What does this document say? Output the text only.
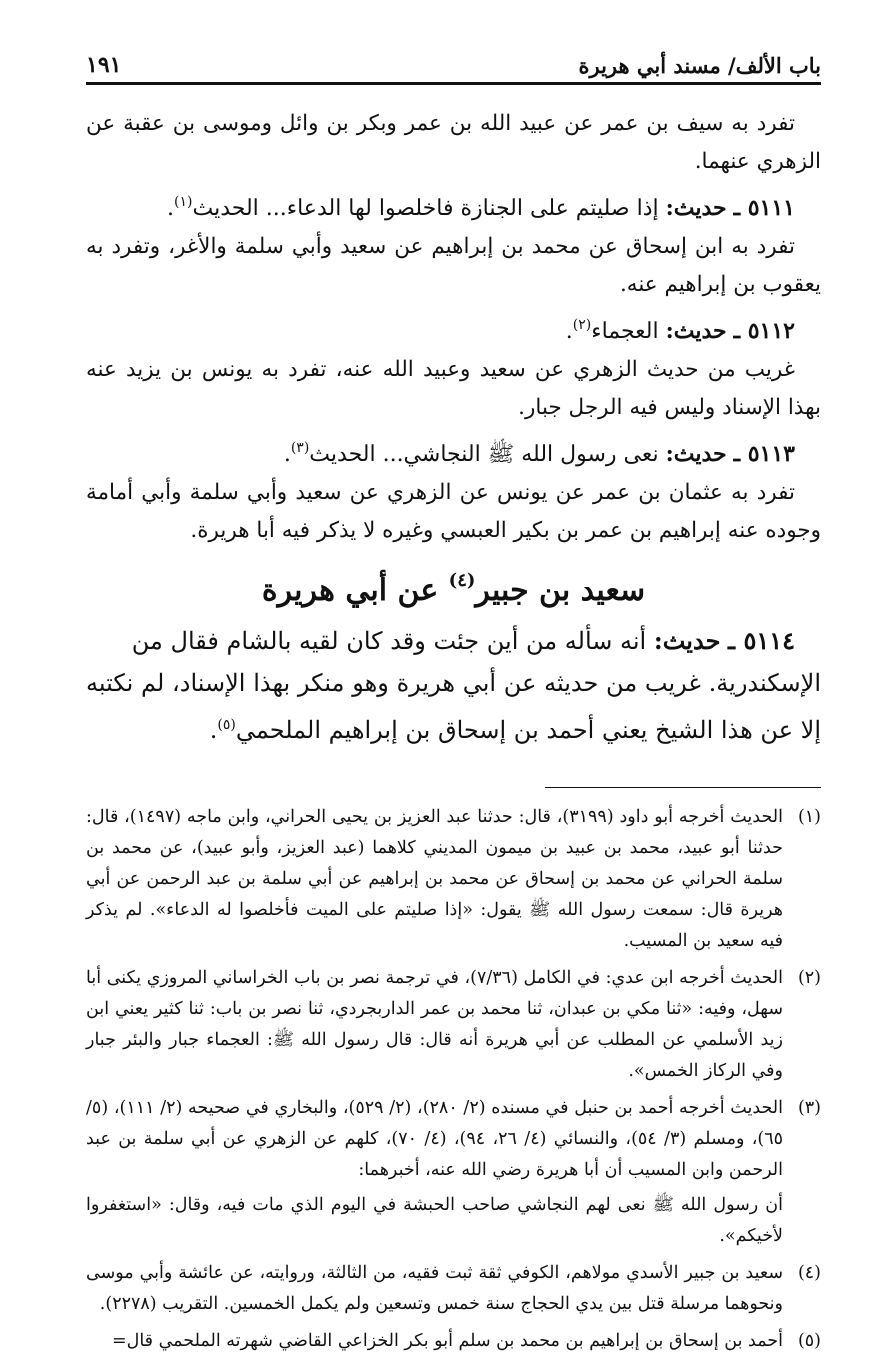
باب الألف/ مسند أبي هريرة
١٩١

تفرد به سيف بن عمر عن عبيد الله بن عمر وبكر بن وائل وموسى بن عقبة عن الزهري عنهما.

٥١١١ ـ حديث: إذا صليتم على الجنازة فاخلصوا لها الدعاء... الحديث$^{(١)}$.

تفرد به ابن إسحاق عن محمد بن إبراهيم عن سعيد وأبي سلمة والأغر، وتفرد به يعقوب بن إبراهيم عنه.

٥١١٢ ـ حديث: العجماء$^{(٢)}$.

غريب من حديث الزهري عن سعيد وعبيد الله عنه، تفرد به يونس بن يزيد عنه بهذا الإسناد وليس فيه الرجل جبار.

٥١١٣ ـ حديث: نعى رسول الله ﷺ النجاشي... الحديث$^{(٣)}$.

تفرد به عثمان بن عمر عن يونس عن الزهري عن سعيد وأبي سلمة وأبي أمامة وجوده عنه إبراهيم بن عمر بن بكير العبسي وغيره لا يذكر فيه أبا هريرة.

سعيد بن جبير$^{(٤)}$ عن أبي هريرة

٥١١٤ ـ حديث: أنه سأله من أين جئت وقد كان لقيه بالشام فقال من

الإسكندرية. غريب من حديثه عن أبي هريرة وهو منكر بهذا الإسناد، لم نكتبه إلا عن هذا الشيخ يعني أحمد بن إسحاق بن إبراهيم الملحمي$^{(٥)}$.

(١)

الحديث أخرجه أبو داود (٣١٩٩)، قال: حدثنا عبد العزيز بن يحيى الحراني، وابن ماجه (١٤٩٧)، قال: حدثنا أبو عبيد، محمد بن عبيد بن ميمون المديني كلاهما (عبد العزيز، وأبو عبيد)، عن محمد بن سلمة الحراني عن محمد بن إسحاق عن محمد بن إبراهيم عن أبي سلمة بن عبد الرحمن عن أبي هريرة قال: سمعت رسول الله ﷺ يقول: «إذا صليتم على الميت فأخلصوا له الدعاء». لم يذكر فيه سعيد بن المسيب.

(٢)

الحديث أخرجه ابن عدي: في الكامل (٧/٣٦)، في ترجمة نصر بن باب الخراساني المروزي يكنى أبا سهل، وفيه: «ثنا مكي بن عبدان، ثنا محمد بن عمر الداربجردي، ثنا نصر بن باب: ثنا كثير يعني ابن زيد الأسلمي عن المطلب عن أبي هريرة أنه قال: قال رسول الله ﷺ: العجماء جبار والبئر جبار وفي الركاز الخمس».

(٣)

الحديث أخرجه أحمد بن حنبل في مسنده (٢/ ٢٨٠)، (٢/ ٥٢٩)، والبخاري في صحيحه (٢/ ١١١)، (٥/ ٦٥)، ومسلم (٣/ ٥٤)، والنسائي (٤/ ٢٦، ٩٤)، (٤/ ٧٠)، كلهم عن الزهري عن أبي سلمة بن عبد الرحمن وابن المسيب أن أبا هريرة رضي الله عنه، أخبرهما:

أن رسول الله ﷺ نعى لهم النجاشي صاحب الحبشة في اليوم الذي مات فيه، وقال: «استغفروا لأخيكم».

(٤)

سعيد بن جبير الأسدي مولاهم، الكوفي ثقة ثبت فقيه، من الثالثة، وروايته، عن عائشة وأبي موسى ونحوهما مرسلة قتل بين يدي الحجاج سنة خمس وتسعين ولم يكمل الخمسين. التقريب (٢٢٧٨).

(٥)

أحمد بن إسحاق بن إبراهيم بن محمد بن سلم أبو بكر الخزاعي القاضي شهرته الملحمي قال=
